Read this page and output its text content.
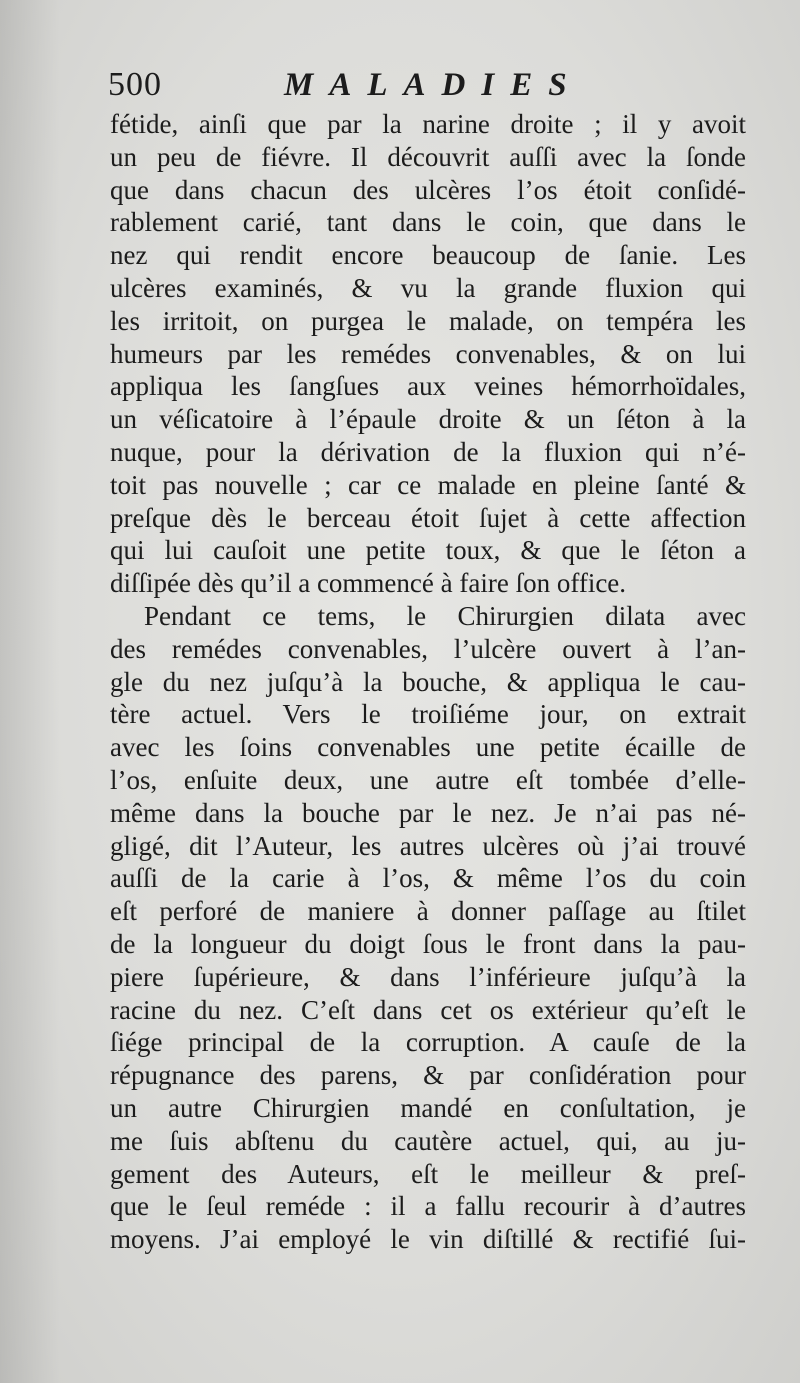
500	MALADIES
fétide, ainſi que par la narine droite ; il y avoit
un peu de fiévre. Il découvrit auſſi avec la ſonde
que dans chacun des ulcères l’os étoit conſidé-
rablement carié, tant dans le coin, que dans le
nez qui rendit encore beaucoup de ſanie. Les
ulcères examinés, & vu la grande fluxion qui
les irritoit, on purgea le malade, on tempéra les
humeurs par les remédes convenables, & on lui
appliqua les ſangſues aux veines hémorrhoïdales,
un véſicatoire à l’épaule droite & un ſéton à la
nuque, pour la dérivation de la fluxion qui n’é-
toit pas nouvelle ; car ce malade en pleine ſanté &
preſque dès le berceau étoit ſujet à cette affection
qui lui cauſoit une petite toux, & que le ſéton a
diſſipée dès qu’il a commencé à faire ſon office.
Pendant ce tems, le Chirurgien dilata avec
des remédes convenables, l’ulcère ouvert à l’an-
gle du nez juſqu’à la bouche, & appliqua le cau-
tère actuel. Vers le troiſiéme jour, on extrait
avec les ſoins convenables une petite écaille de
l’os, enſuite deux, une autre eſt tombée d’elle-
même dans la bouche par le nez. Je n’ai pas né-
gligé, dit l’Auteur, les autres ulcères où j’ai trouvé
auſſi de la carie à l’os, & même l’os du coin
eſt perforé de maniere à donner paſſage au ſtilet
de la longueur du doigt ſous le front dans la pau-
piere ſupérieure, & dans l’inférieure juſqu’à la
racine du nez. C’eſt dans cet os extérieur qu’eſt le
ſiége principal de la corruption. A cauſe de la
répugnance des parens, & par conſidération pour
un autre Chirurgien mandé en conſultation, je
me ſuis abſtenu du cautère actuel, qui, au ju-
gement des Auteurs, eſt le meilleur & preſ-
que le ſeul reméde : il a fallu recourir à d’autres
moyens. J’ai employé le vin diſtillé & rectifié ſui-
